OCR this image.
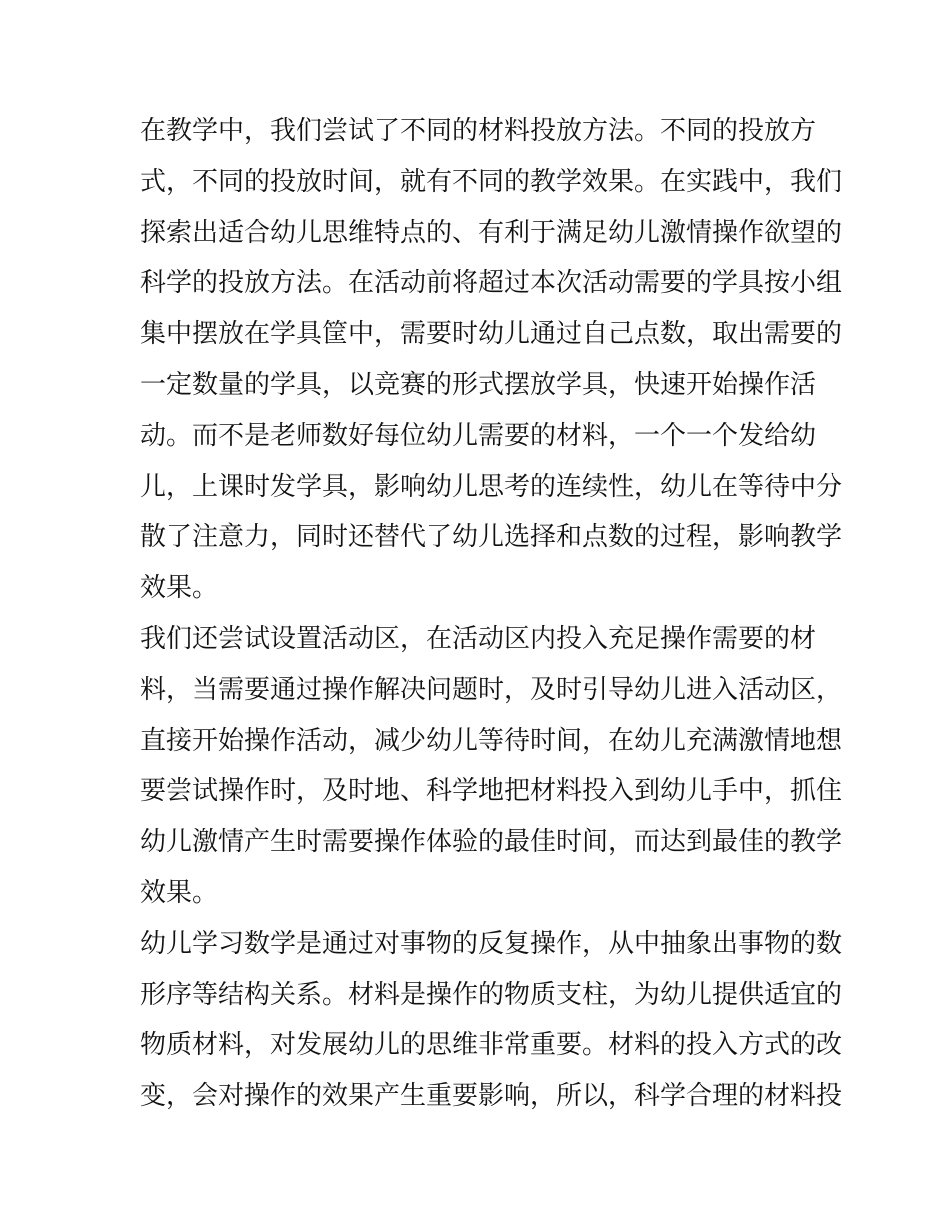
在教学中，我们尝试了不同的材料投放方法。不同的投放方
式，不同的投放时间，就有不同的教学效果。在实践中，我们
探索出适合幼儿思维特点的、有利于满足幼儿激情操作欲望的
科学的投放方法。在活动前将超过本次活动需要的学具按小组
集中摆放在学具筐中，需要时幼儿通过自己点数，取出需要的
一定数量的学具，以竞赛的形式摆放学具，快速开始操作活
动。而不是老师数好每位幼儿需要的材料，一个一个发给幼
儿，上课时发学具，影响幼儿思考的连续性，幼儿在等待中分
散了注意力，同时还替代了幼儿选择和点数的过程，影响教学
效果。
我们还尝试设置活动区，在活动区内投入充足操作需要的材
料，当需要通过操作解决问题时，及时引导幼儿进入活动区，
直接开始操作活动，减少幼儿等待时间，在幼儿充满激情地想
要尝试操作时，及时地、科学地把材料投入到幼儿手中，抓住
幼儿激情产生时需要操作体验的最佳时间，而达到最佳的教学
效果。
幼儿学习数学是通过对事物的反复操作，从中抽象出事物的数
形序等结构关系。材料是操作的物质支柱，为幼儿提供适宜的
物质材料，对发展幼儿的思维非常重要。材料的投入方式的改
变，会对操作的效果产生重要影响，所以，科学合理的材料投
